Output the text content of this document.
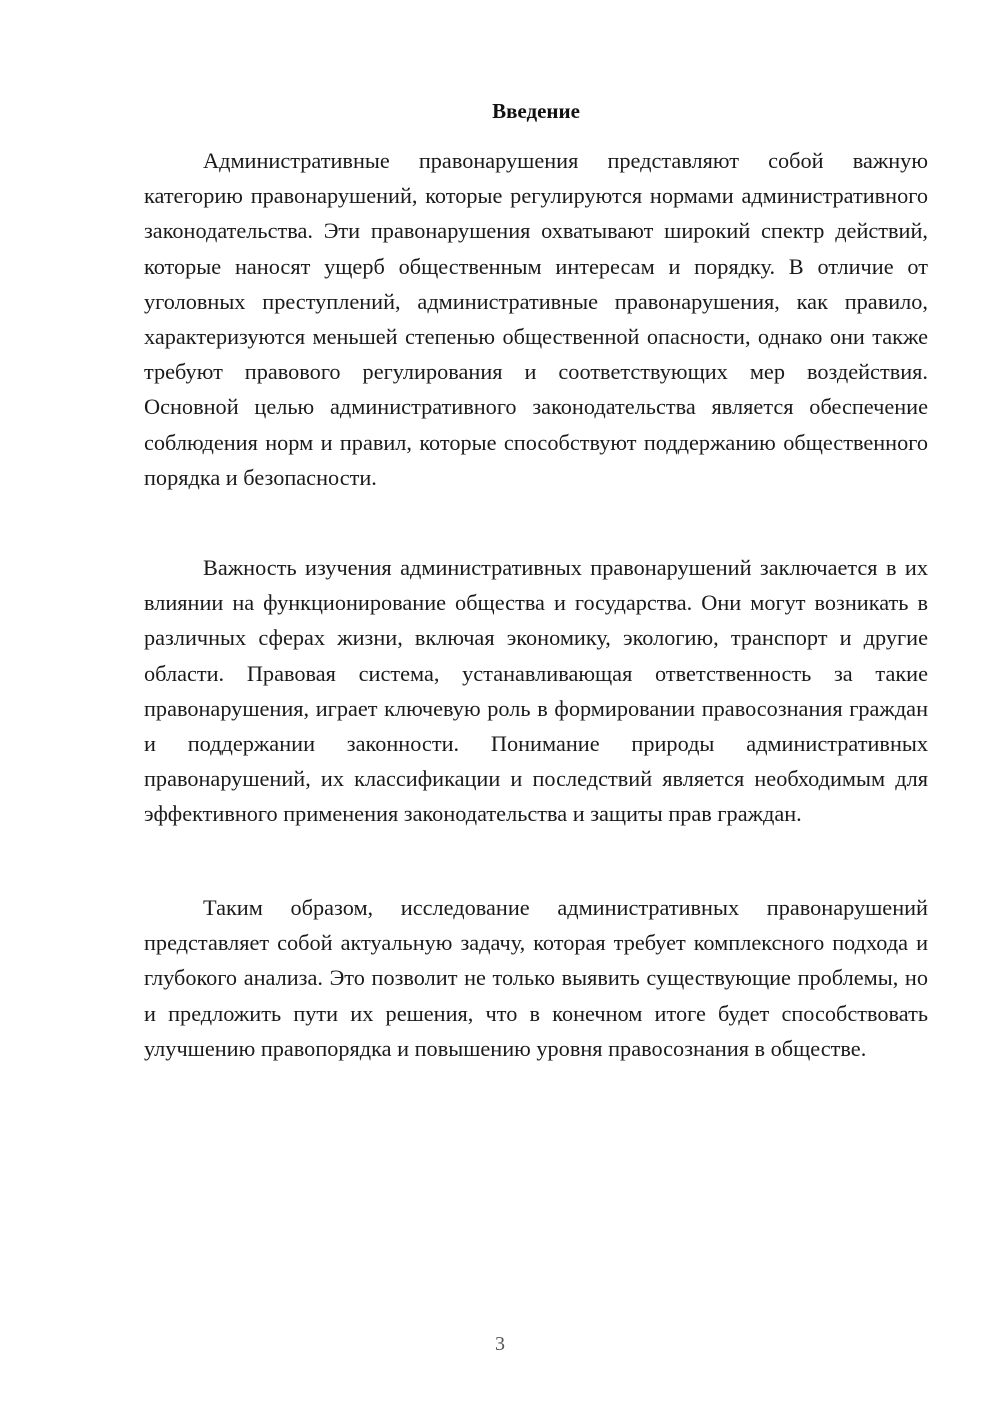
Введение

Административные правонарушения представляют собой важную категорию правонарушений, которые регулируются нормами административного законодательства. Эти правонарушения охватывают широкий спектр действий, которые наносят ущерб общественным интересам и порядку. В отличие от уголовных преступлений, административные правонарушения, как правило, характеризуются меньшей степенью общественной опасности, однако они также требуют правового регулирования и соответствующих мер воздействия. Основной целью административного законодательства является обеспечение соблюдения норм и правил, которые способствуют поддержанию общественного порядка и безопасности.

Важность изучения административных правонарушений заключается в их влиянии на функционирование общества и государства. Они могут возникать в различных сферах жизни, включая экономику, экологию, транспорт и другие области. Правовая система, устанавливающая ответственность за такие правонарушения, играет ключевую роль в формировании правосознания граждан и поддержании законности. Понимание природы административных правонарушений, их классификации и последствий является необходимым для эффективного применения законодательства и защиты прав граждан.

Таким образом, исследование административных правонарушений представляет собой актуальную задачу, которая требует комплексного подхода и глубокого анализа. Это позволит не только выявить существующие проблемы, но и предложить пути их решения, что в конечном итоге будет способствовать улучшению правопорядка и повышению уровня правосознания в обществе.

3
